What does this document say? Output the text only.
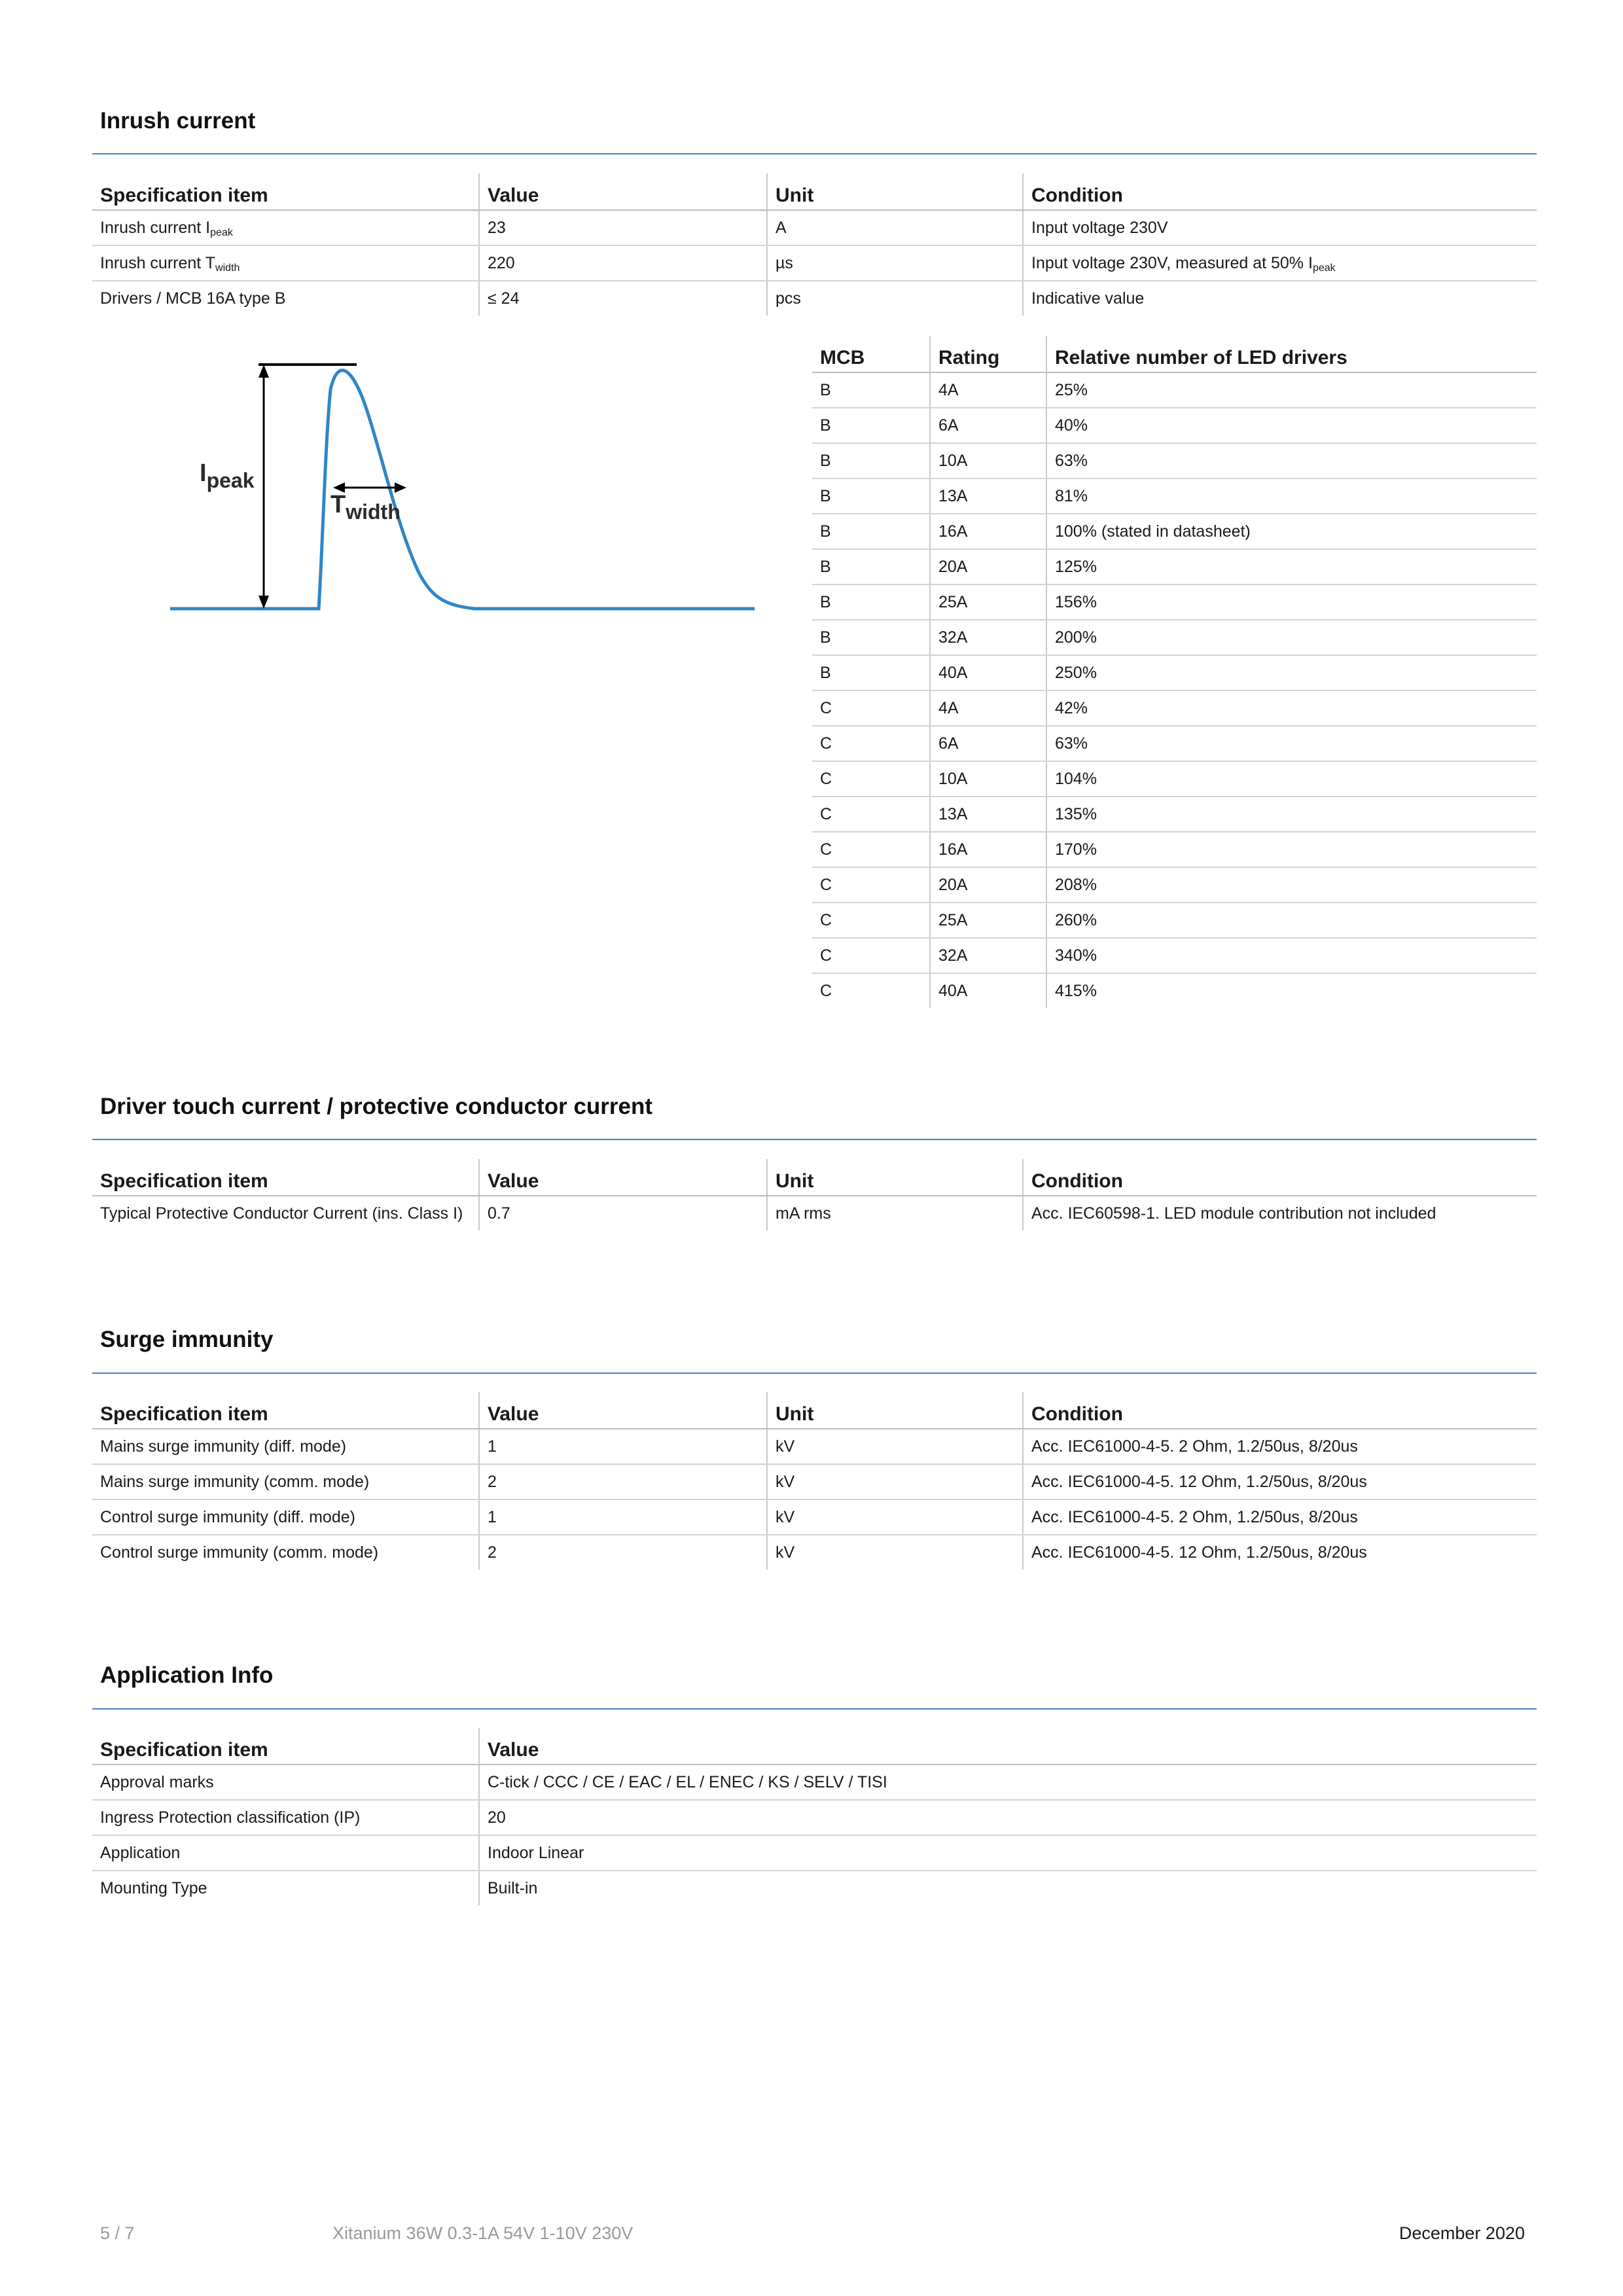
Inrush current
Specification item	Value	Unit	Condition
Inrush current $I_{peak}$	23	A	Input voltage 230V
Inrush current $T_{width}$	220	µs	Input voltage 230V, measured at 50% $I_{peak}$
Drivers / MCB 16A type B	≤ 24	pcs	Indicative value
Ipeak
Twidth
MCB	Rating	Relative number of LED drivers
B	4A	25%
B	6A	40%
B	10A	63%
B	13A	81%
B	16A	100% (stated in datasheet)
B	20A	125%
B	25A	156%
B	32A	200%
B	40A	250%
C	4A	42%
C	6A	63%
C	10A	104%
C	13A	135%
C	16A	170%
C	20A	208%
C	25A	260%
C	32A	340%
C	40A	415%
Driver touch current / protective conductor current
Specification item	Value	Unit	Condition
Typical Protective Conductor Current (ins. Class I)	0.7	mA rms	Acc. IEC60598-1. LED module contribution not included
Surge immunity
Specification item	Value	Unit	Condition
Mains surge immunity (diff. mode)	1	kV	Acc. IEC61000-4-5. 2 Ohm, 1.2/50us, 8/20us
Mains surge immunity (comm. mode)	2	kV	Acc. IEC61000-4-5. 12 Ohm, 1.2/50us, 8/20us
Control surge immunity (diff. mode)	1	kV	Acc. IEC61000-4-5. 2 Ohm, 1.2/50us, 8/20us
Control surge immunity (comm. mode)	2	kV	Acc. IEC61000-4-5. 12 Ohm, 1.2/50us, 8/20us
Application Info
Specification item	Value
Approval marks	C-tick / CCC / CE / EAC / EL / ENEC / KS / SELV / TISI
Ingress Protection classification (IP)	20
Application	Indoor Linear
Mounting Type	Built-in
5 / 7	Xitanium 36W 0.3-1A 54V 1-10V 230V	December 2020
